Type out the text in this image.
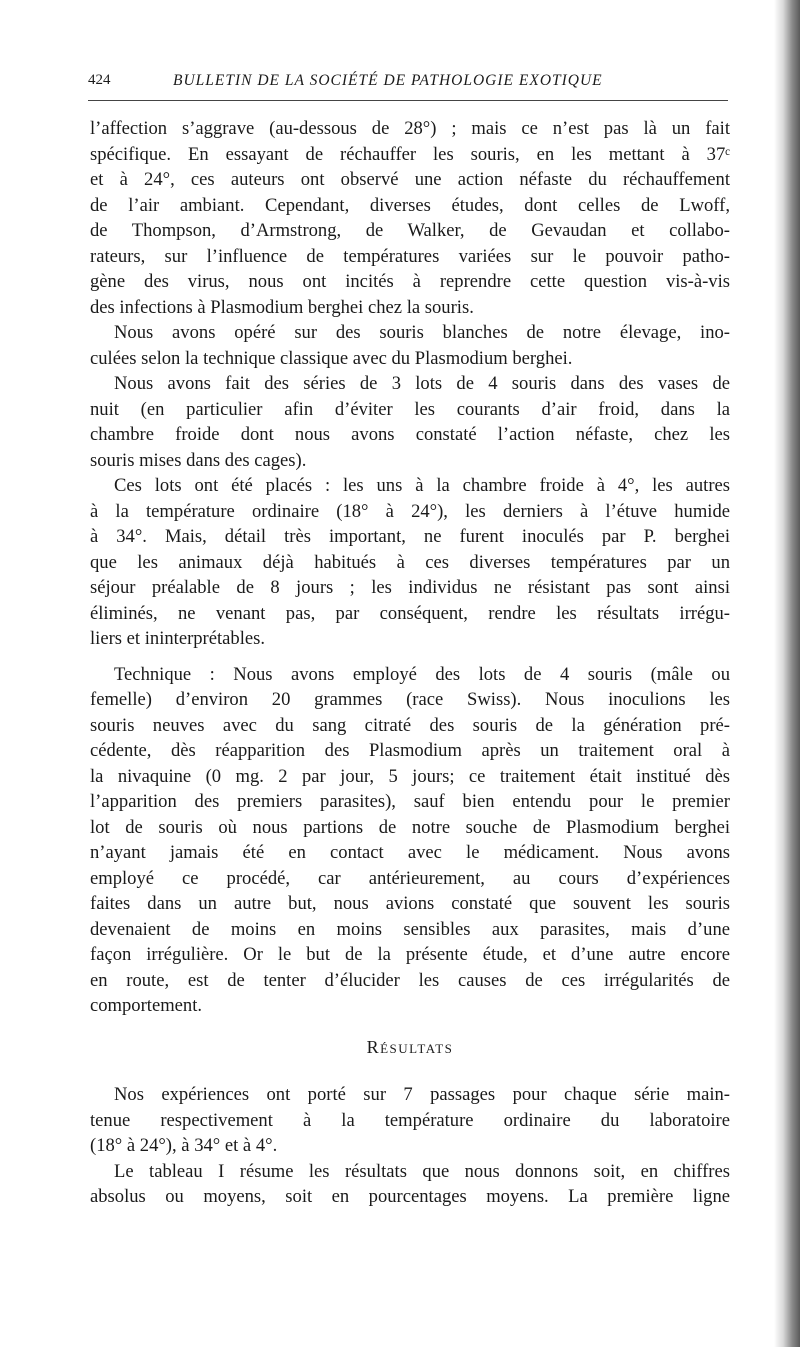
424	BULLETIN DE LA SOCIÉTÉ DE PATHOLOGIE EXOTIQUE
l’affection s’aggrave (au-dessous de 28°) ; mais ce n’est pas là un fait
spécifique. En essayant de réchauffer les souris, en les mettant à 37ᶜ
et à 24°, ces auteurs ont observé une action néfaste du réchauffement
de l’air ambiant. Cependant, diverses études, dont celles de Lwoff,
de Thompson, d’Armstrong, de Walker, de Gevaudan et collabo-
rateurs, sur l’influence de températures variées sur le pouvoir patho-
gène des virus, nous ont incités à reprendre cette question vis-à-vis
des infections à Plasmodium berghei chez la souris.
Nous avons opéré sur des souris blanches de notre élevage, ino-
culées selon la technique classique avec du Plasmodium berghei.
Nous avons fait des séries de 3 lots de 4 souris dans des vases de
nuit (en particulier afin d’éviter les courants d’air froid, dans la
chambre froide dont nous avons constaté l’action néfaste, chez les
souris mises dans des cages).
Ces lots ont été placés : les uns à la chambre froide à 4°, les autres
à la température ordinaire (18° à 24°), les derniers à l’étuve humide
à 34°. Mais, détail très important, ne furent inoculés par P. berghei
que les animaux déjà habitués à ces diverses températures par un
séjour préalable de 8 jours ; les individus ne résistant pas sont ainsi
éliminés, ne venant pas, par conséquent, rendre les résultats irrégu-
liers et ininterprétables.
Technique : Nous avons employé des lots de 4 souris (mâle ou
femelle) d’environ 20 grammes (race Swiss). Nous inoculions les
souris neuves avec du sang citraté des souris de la génération pré-
cédente, dès réapparition des Plasmodium après un traitement oral à
la nivaquine (0 mg. 2 par jour, 5 jours; ce traitement était institué dès
l’apparition des premiers parasites), sauf bien entendu pour le premier
lot de souris où nous partions de notre souche de Plasmodium berghei
n’ayant jamais été en contact avec le médicament. Nous avons
employé ce procédé, car antérieurement, au cours d’expériences
faites dans un autre but, nous avions constaté que souvent les souris
devenaient de moins en moins sensibles aux parasites, mais d’une
façon irrégulière. Or le but de la présente étude, et d’une autre encore
en route, est de tenter d’élucider les causes de ces irrégularités de
comportement.
Résultats
Nos expériences ont porté sur 7 passages pour chaque série main-
tenue respectivement à la température ordinaire du laboratoire
(18° à 24°), à 34° et à 4°.
Le tableau I résume les résultats que nous donnons soit, en chiffres
absolus ou moyens, soit en pourcentages moyens. La première ligne
